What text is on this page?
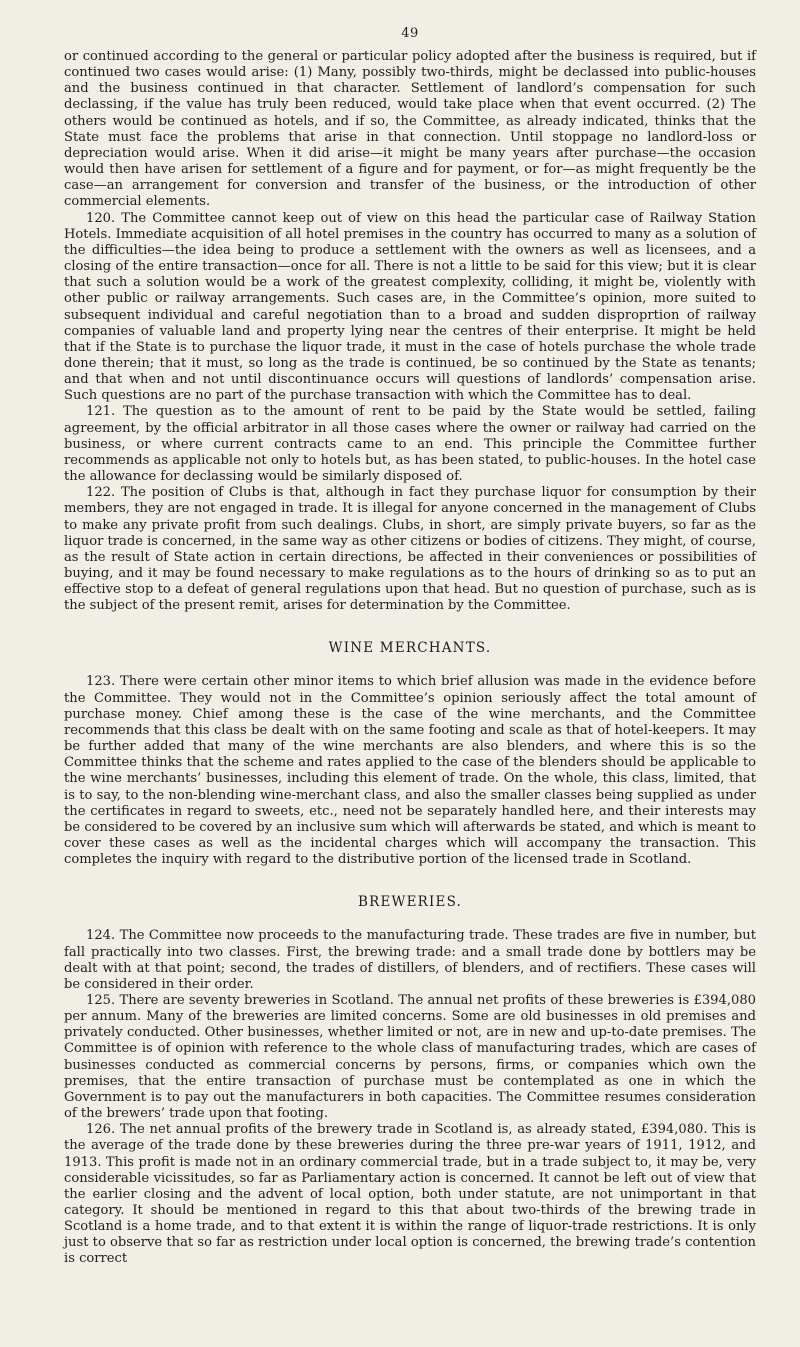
49

or continued according to the general or particular policy adopted after the business is required, but if continued two cases would arise: (1) Many, possibly two-thirds, might be declassed into public-houses and the business continued in that character. Settlement of landlord’s compensation for such declassing, if the value has truly been reduced, would take place when that event occurred. (2) The others would be continued as hotels, and if so, the Committee, as already indicated, thinks that the State must face the problems that arise in that connection. Until stoppage no landlord-loss or depreciation would arise. When it did arise—it might be many years after purchase—the occasion would then have arisen for settlement of a figure and for payment, or for—as might frequently be the case—an arrangement for conversion and transfer of the business, or the introduction of other commercial elements.

120. The Committee cannot keep out of view on this head the particular case of Railway Station Hotels. Immediate acquisition of all hotel premises in the country has occurred to many as a solution of the difficulties—the idea being to produce a settlement with the owners as well as licensees, and a closing of the entire transaction—once for all. There is not a little to be said for this view; but it is clear that such a solution would be a work of the greatest complexity, colliding, it might be, violently with other public or railway arrangements. Such cases are, in the Committee’s opinion, more suited to subsequent individual and careful negotiation than to a broad and sudden disproprtion of railway companies of valuable land and property lying near the centres of their enterprise. It might be held that if the State is to purchase the liquor trade, it must in the case of hotels purchase the whole trade done therein; that it must, so long as the trade is continued, be so continued by the State as tenants; and that when and not until discontinuance occurs will questions of landlords’ compensation arise. Such questions are no part of the purchase transaction with which the Committee has to deal.

121. The question as to the amount of rent to be paid by the State would be settled, failing agreement, by the official arbitrator in all those cases where the owner or railway had carried on the business, or where current contracts came to an end. This principle the Committee further recommends as applicable not only to hotels but, as has been stated, to public-houses. In the hotel case the allowance for declassing would be similarly disposed of.

122. The position of Clubs is that, although in fact they purchase liquor for consumption by their members, they are not engaged in trade. It is illegal for anyone concerned in the management of Clubs to make any private profit from such dealings. Clubs, in short, are simply private buyers, so far as the liquor trade is concerned, in the same way as other citizens or bodies of citizens. They might, of course, as the result of State action in certain directions, be affected in their conveniences or possibilities of buying, and it may be found necessary to make regulations as to the hours of drinking so as to put an effective stop to a defeat of general regulations upon that head. But no question of purchase, such as is the subject of the present remit, arises for determination by the Committee.

WINE MERCHANTS.

123. There were certain other minor items to which brief allusion was made in the evidence before the Committee. They would not in the Committee’s opinion seriously affect the total amount of purchase money. Chief among these is the case of the wine merchants, and the Committee recommends that this class be dealt with on the same footing and scale as that of hotel-keepers. It may be further added that many of the wine merchants are also blenders, and where this is so the Committee thinks that the scheme and rates applied to the case of the blenders should be applicable to the wine merchants’ businesses, including this element of trade. On the whole, this class, limited, that is to say, to the non-blending wine-merchant class, and also the smaller classes being supplied as under the certificates in regard to sweets, etc., need not be separately handled here, and their interests may be considered to be covered by an inclusive sum which will afterwards be stated, and which is meant to cover these cases as well as the incidental charges which will accompany the transaction. This completes the inquiry with regard to the distributive portion of the licensed trade in Scotland.

BREWERIES.

124. The Committee now proceeds to the manufacturing trade. These trades are five in number, but fall practically into two classes. First, the brewing trade: and a small trade done by bottlers may be dealt with at that point; second, the trades of distillers, of blenders, and of rectifiers. These cases will be considered in their order.

125. There are seventy breweries in Scotland. The annual net profits of these breweries is £394,080 per annum. Many of the breweries are limited concerns. Some are old businesses in old premises and privately conducted. Other businesses, whether limited or not, are in new and up-to-date premises. The Committee is of opinion with reference to the whole class of manufacturing trades, which are cases of businesses conducted as commercial concerns by persons, firms, or companies which own the premises, that the entire transaction of purchase must be contemplated as one in which the Government is to pay out the manufacturers in both capacities. The Committee resumes consideration of the brewers’ trade upon that footing.

126. The net annual profits of the brewery trade in Scotland is, as already stated, £394,080. This is the average of the trade done by these breweries during the three pre-war years of 1911, 1912, and 1913. This profit is made not in an ordinary commercial trade, but in a trade subject to, it may be, very considerable vicissitudes, so far as Parliamentary action is concerned. It cannot be left out of view that the earlier closing and the advent of local option, both under statute, are not unimportant in that category. It should be mentioned in regard to this that about two-thirds of the brewing trade in Scotland is a home trade, and to that extent it is within the range of liquor-trade restrictions. It is only just to observe that so far as restriction under local option is concerned, the brewing trade’s contention is correct
